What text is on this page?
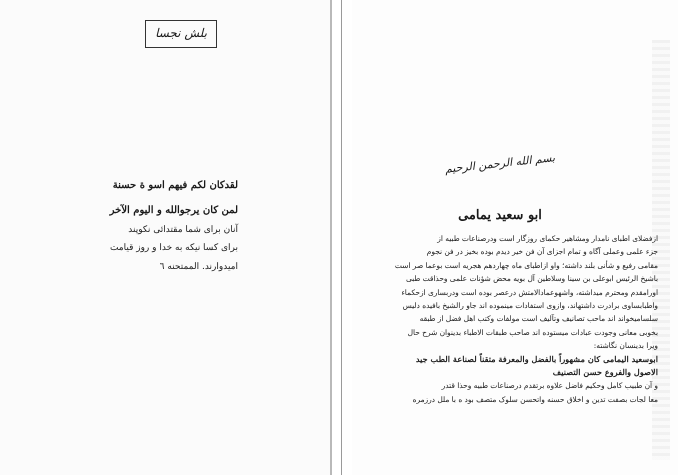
بلش نجسا
لقدكان لكم فيهم اسو ة حسنة
لمن كان يرجوالله و اليوم الآخر
آنان برای شما مقتدائی نكوپند
برای كسا نیكه به خدا و روز قیامت
امیدوارند. الممتحنه ٦
بسم الله الرحمن الرحیم
ابو سعید یمامی
ازفضلای اطبای نامدار ومشاهیر حکمای روزگار است ودرصناعات طبیه از
جزء علمی وعملی آگاه و تمام اجزای آن فن خیر دیدم بوده بخیز در فن نجوم
مقامی رفیع و شأنی بلند داشته؛ واو ازاطبای ماه چهاردهم هجریه است بوعما صر است
باشیخ الرئیس ابوعلی بن سینا وسلاطین آل بویه محض شؤنات علمی وحذاقت طبی
اورامقدم ومحترم میداشته، واشهوعمادالامتش درعصر بوده است ودربساری ازحکماء
واطبابساوی برادرت داشتهاند، وازوی استفادات مینموده اند جاو رالشیخ بافیده دلیس
سلسامیخواند اند ماحب تصانیف وتآلیف است مولفات وکتب اهل فضل از طبقه
بخوبی معانی وجودت عبادات میستوده اند صاحب طبقات الاطباء بدینوان شرح حال
ویرا بدینسان نگاشته:
ابوسعید الیمامی کان مشهوراً بالفضل والمعرفة متقناً لصناعة الطب جید
الاصول والفروع حسن التصنیف
و آن طبیب کامل وحکیم فاضل علاوه برتقدم درصناعات طبیه وحذا قتدر
معا لجات بصفت تدین و اخلاق حسنه واتحسن سلوک متصف بود ه با ملل درزمره
